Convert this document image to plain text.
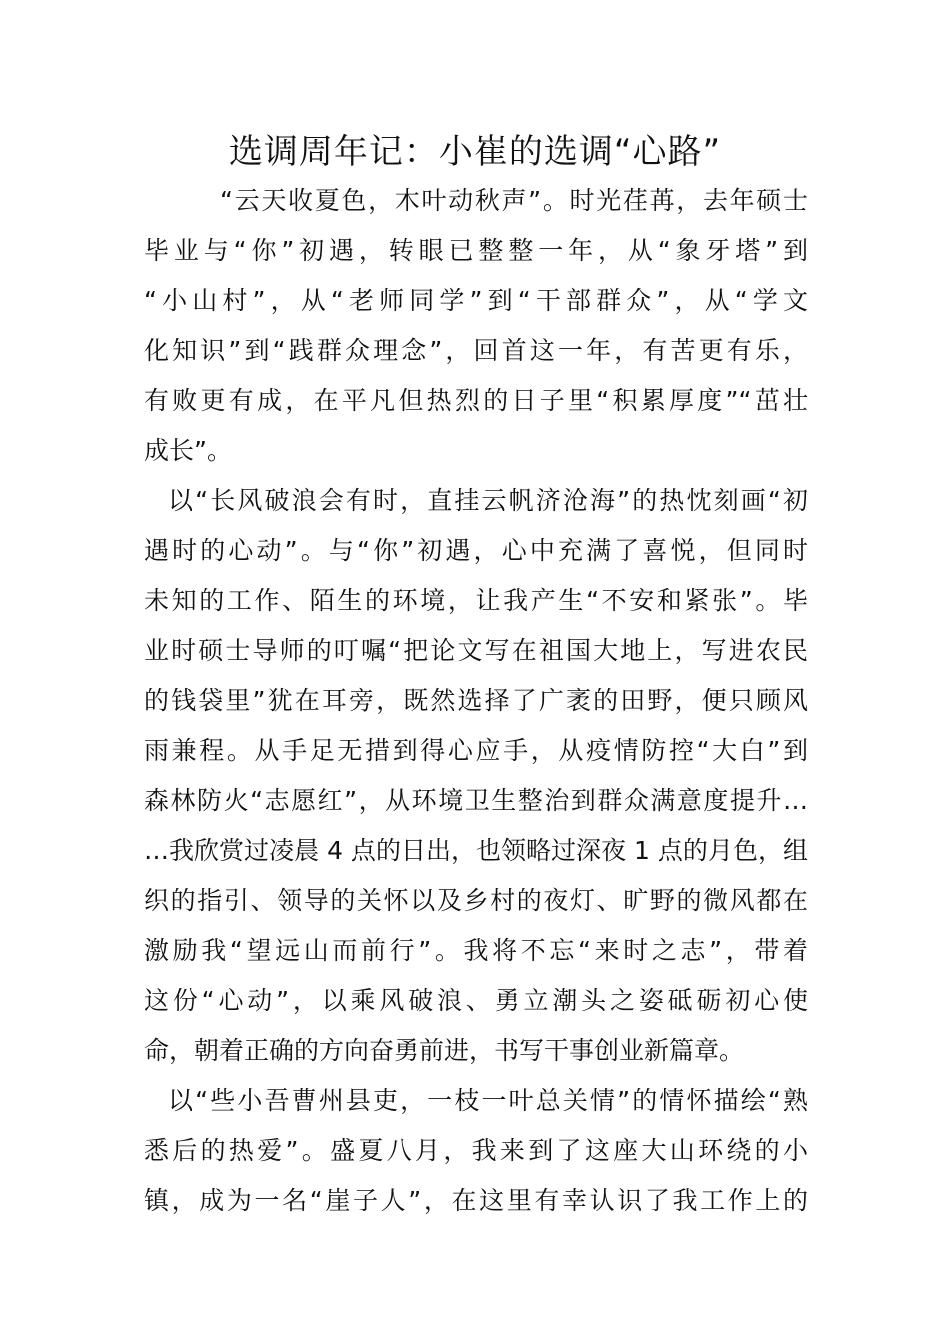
选调周年记：小崔的选调“心路”
“云天收夏色，木叶动秋声”。时光荏苒，去年硕士
毕业与“你”初遇，转眼已整整一年，从“象牙塔”到
“小山村”，从“老师同学”到“干部群众”，从“学文
化知识”到“践群众理念”，回首这一年，有苦更有乐，
有败更有成，在平凡但热烈的日子里“积累厚度”“茁壮
成长”。
以“长风破浪会有时，直挂云帆济沧海”的热忱刻画“初
遇时的心动”。与“你”初遇，心中充满了喜悦，但同时
未知的工作、陌生的环境，让我产生“不安和紧张”。毕
业时硕士导师的叮嘱“把论文写在祖国大地上，写进农民
的钱袋里”犹在耳旁，既然选择了广袤的田野，便只顾风
雨兼程。从手足无措到得心应手，从疫情防控“大白”到
森林防火“志愿红”，从环境卫生整治到群众满意度提升…
…我欣赏过凌晨 4 点的日出，也领略过深夜 1 点的月色，组
织的指引、领导的关怀以及乡村的夜灯、旷野的微风都在
激励我“望远山而前行”。我将不忘“来时之志”，带着
这份“心动”，以乘风破浪、勇立潮头之姿砥砺初心使
命，朝着正确的方向奋勇前进，书写干事创业新篇章。
以“些小吾曹州县吏，一枝一叶总关情”的情怀描绘“熟
悉后的热爱”。盛夏八月，我来到了这座大山环绕的小
镇，成为一名“崖子人”，在这里有幸认识了我工作上的
